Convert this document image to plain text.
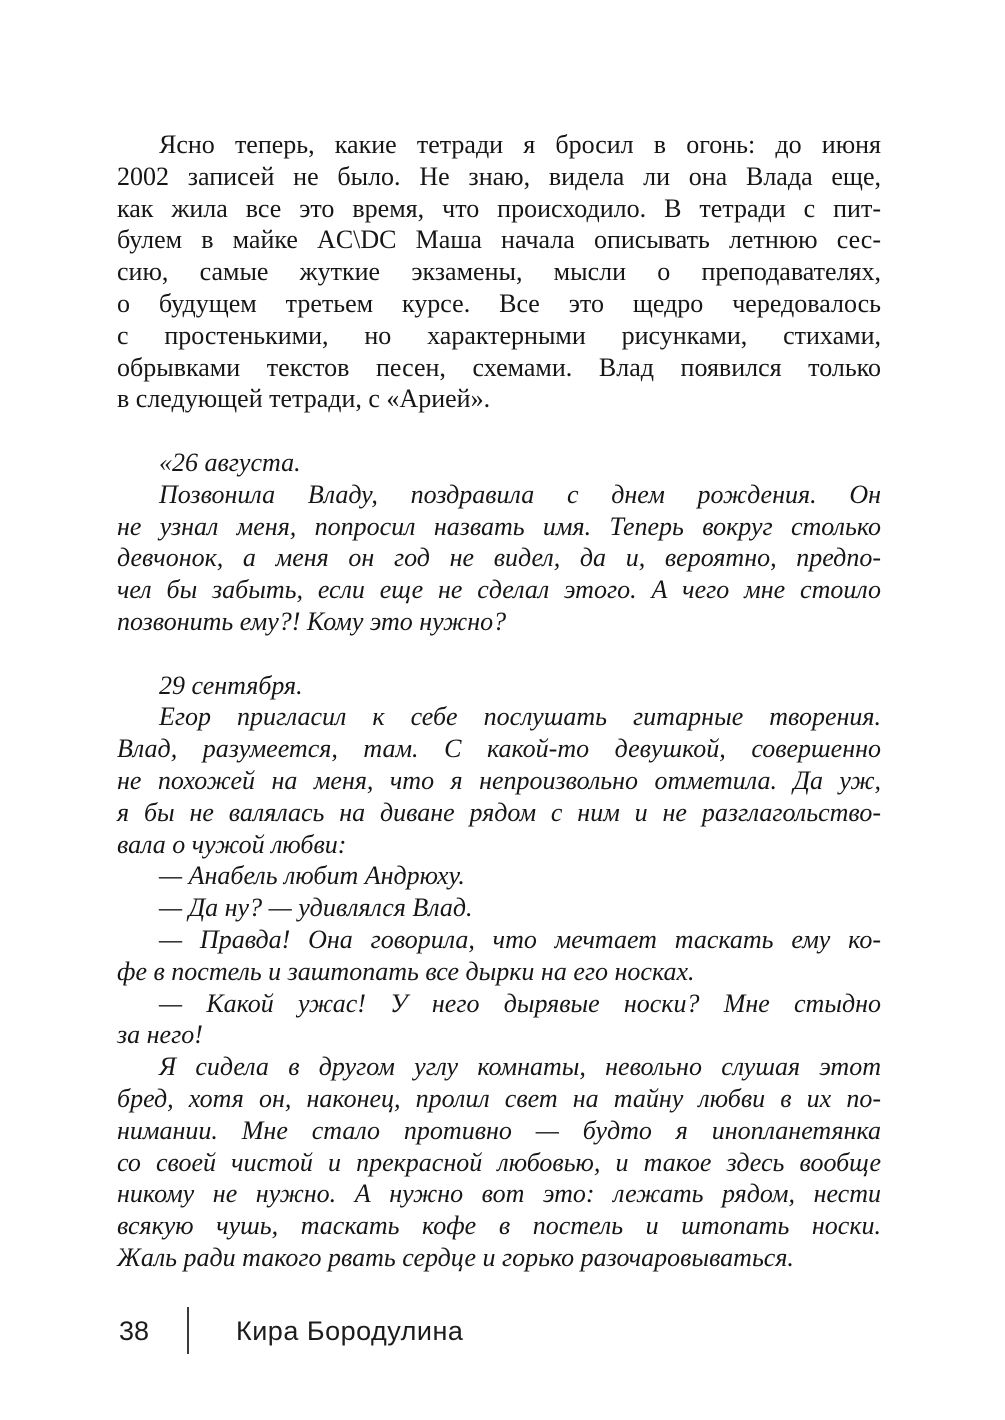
Ясно теперь, какие тетради я бросил в огонь: до июня
2002 записей не было. Не знаю, видела ли она Влада еще,
как жила все это время, что происходило. В тетради с пит-
булем в майке AC\DC Маша начала описывать летнюю сес-
сию, самые жуткие экзамены, мысли о преподавателях,
о будущем третьем курсе. Все это щедро чередовалось
с простенькими, но характерными рисунками, стихами,
обрывками текстов песен, схемами. Влад появился только
в следующей тетради, с «Арией».
«26 августа.
Позвонила Владу, поздравила с днем рождения. Он
не узнал меня, попросил назвать имя. Теперь вокруг столько
девчонок, а меня он год не видел, да и, вероятно, предпо-
чел бы забыть, если еще не сделал этого. А чего мне стоило
позвонить ему?! Кому это нужно?
29 сентября.
Егор пригласил к себе послушать гитарные творения.
Влад, разумеется, там. С какой-то девушкой, совершенно
не похожей на меня, что я непроизвольно отметила. Да уж,
я бы не валялась на диване рядом с ним и не разглагольство-
вала о чужой любви:
— Анабель любит Андрюху.
— Да ну? — удивлялся Влад.
— Правда! Она говорила, что мечтает таскать ему ко-
фе в постель и заштопать все дырки на его носках.
— Какой ужас! У него дырявые носки? Мне стыдно
за него!
Я сидела в другом углу комнаты, невольно слушая этот
бред, хотя он, наконец, пролил свет на тайну любви в их по-
нимании. Мне стало противно — будто я инопланетянка
со своей чистой и прекрасной любовью, и такое здесь вообще
никому не нужно. А нужно вот это: лежать рядом, нести
всякую чушь, таскать кофе в постель и штопать носки.
Жаль ради такого рвать сердце и горько разочаровываться.
38	Кира Бородулина
